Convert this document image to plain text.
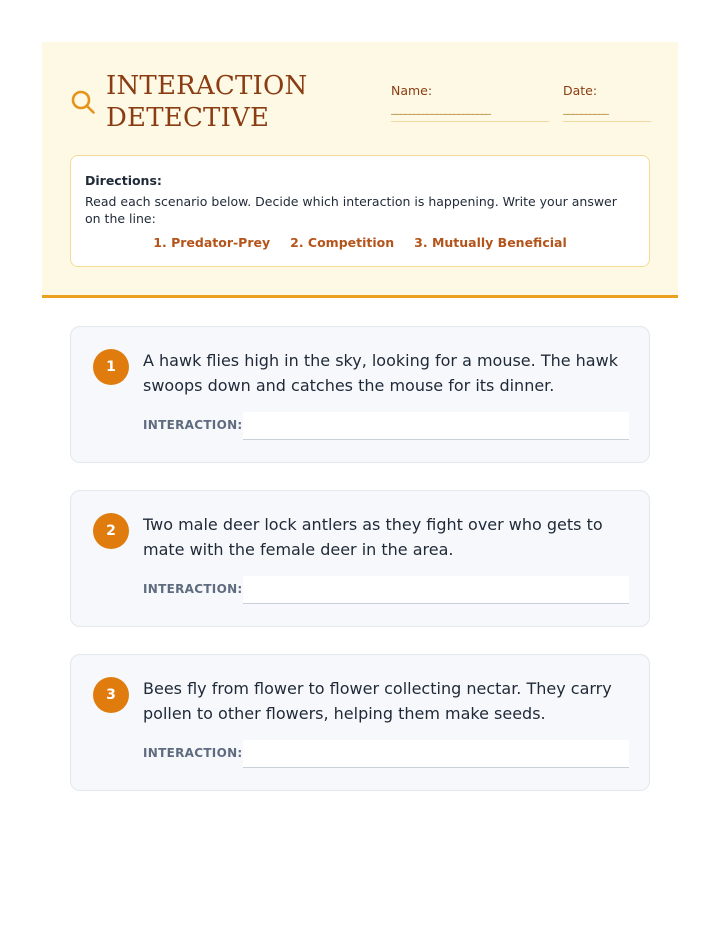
INTERACTION
DETECTIVE
Name:
______________________
Date:
__________
Directions:
Read each scenario below. Decide which interaction is happening. Write your answer on the line:
1. Predator-Prey 2. Competition 3. Mutually Beneficial
1	A hawk flies high in the sky, looking for a mouse. The hawk swoops down and catches the mouse for its dinner.
INTERACTION:
2	Two male deer lock antlers as they fight over who gets to mate with the female deer in the area.
INTERACTION:
3	Bees fly from flower to flower collecting nectar. They carry pollen to other flowers, helping them make seeds.
INTERACTION:
